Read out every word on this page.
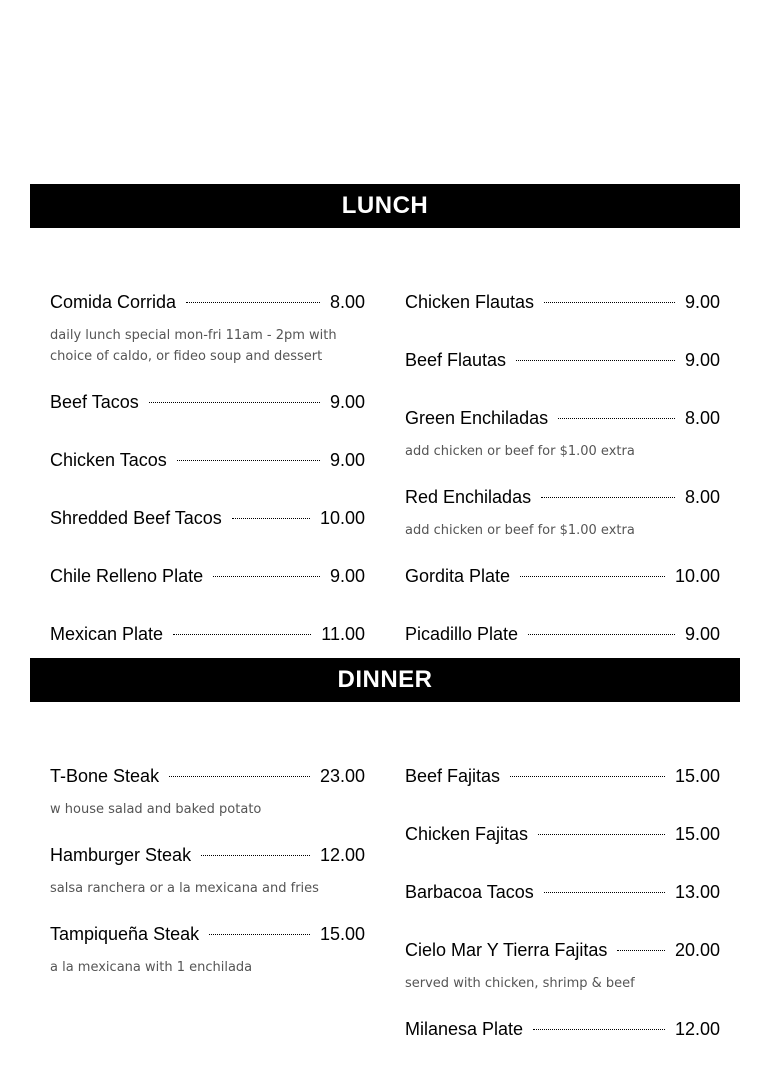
LUNCH
Comida Corrida	8.00
daily lunch special mon-fri 11am - 2pm with choice of caldo, or fideo soup and dessert
Beef Tacos	9.00
Chicken Tacos	9.00
Shredded Beef Tacos	10.00
Chile Relleno Plate	9.00
Mexican Plate	11.00
Chicken Flautas	9.00
Beef Flautas	9.00
Green Enchiladas	8.00
add chicken or beef for $1.00 extra
Red Enchiladas	8.00
add chicken or beef for $1.00 extra
Gordita Plate	10.00
Picadillo Plate	9.00
DINNER
T-Bone Steak	23.00
w house salad and baked potato
Hamburger Steak	12.00
salsa ranchera or a la mexicana and fries
Tampiqueña Steak	15.00
a la mexicana with 1 enchilada
Beef Fajitas	15.00
Chicken Fajitas	15.00
Barbacoa Tacos	13.00
Cielo Mar Y Tierra Fajitas	20.00
served with chicken, shrimp & beef
Milanesa Plate	12.00
